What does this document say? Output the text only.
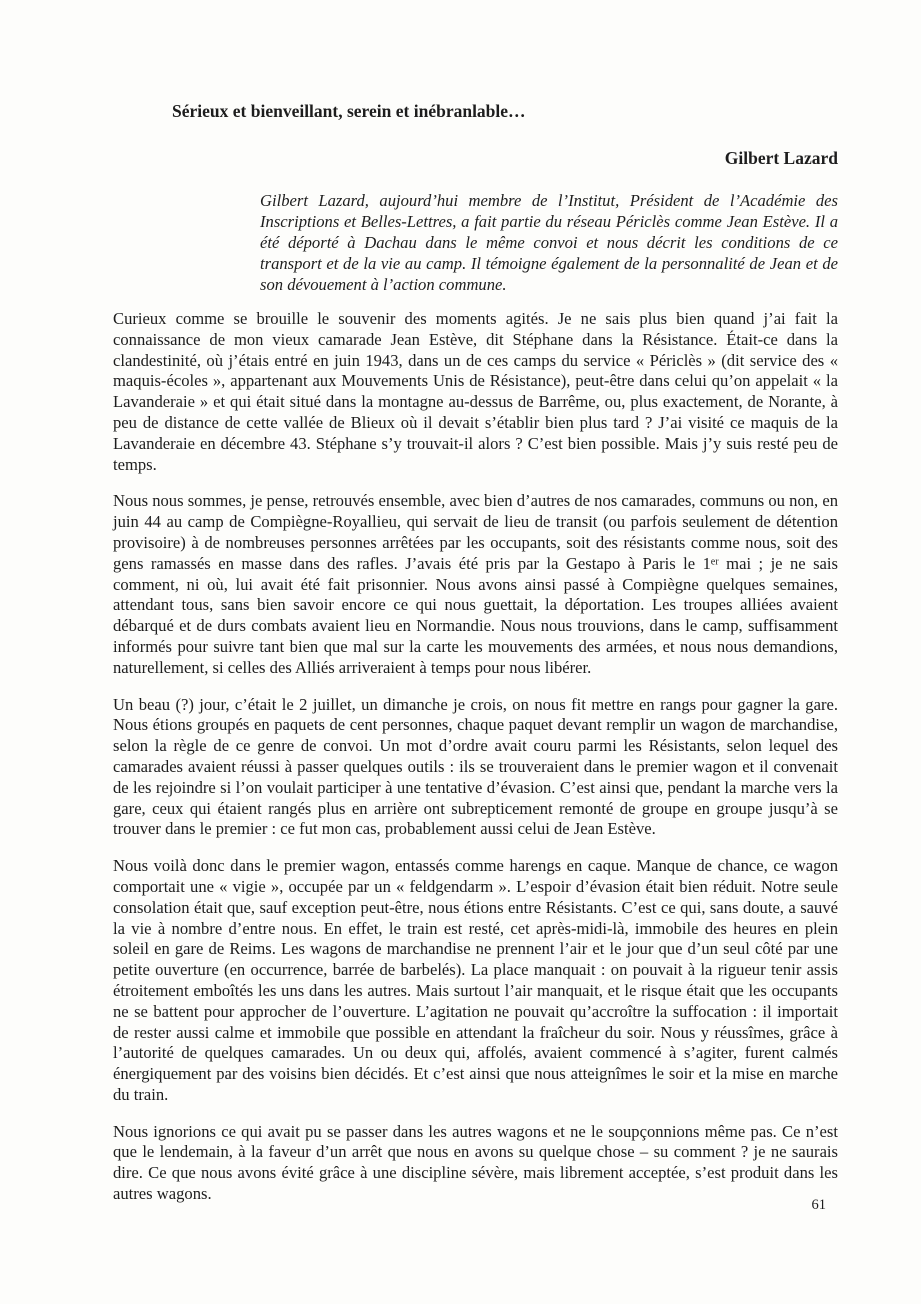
Sérieux et bienveillant, serein et inébranlable…

Gilbert Lazard

Gilbert Lazard, aujourd’hui membre de l’Institut, Président de l’Académie des Inscriptions et Belles-Lettres, a fait partie du réseau Périclès comme Jean Estève. Il a été déporté à Dachau dans le même convoi et nous décrit les conditions de ce transport et de la vie au camp. Il témoigne également de la personnalité de Jean et de son dévouement à l’action commune.

Curieux comme se brouille le souvenir des moments agités. Je ne sais plus bien quand j’ai fait la connaissance de mon vieux camarade Jean Estève, dit Stéphane dans la Résistance. Était-ce dans la clandestinité, où j’étais entré en juin 1943, dans un de ces camps du service « Périclès » (dit service des « maquis-écoles », appartenant aux Mouvements Unis de Résistance), peut-être dans celui qu’on appelait « la Lavanderaie » et qui était situé dans la montagne au-dessus de Barrême, ou, plus exactement, de Norante, à peu de distance de cette vallée de Blieux où il devait s’établir bien plus tard ? J’ai visité ce maquis de la Lavanderaie en décembre 43. Stéphane s’y trouvait-il alors ? C’est bien possible. Mais j’y suis resté peu de temps.

Nous nous sommes, je pense, retrouvés ensemble, avec bien d’autres de nos camarades, communs ou non, en juin 44 au camp de Compiègne-Royallieu, qui servait de lieu de transit (ou parfois seulement de détention provisoire) à de nombreuses personnes arrêtées par les occupants, soit des résistants comme nous, soit des gens ramassés en masse dans des rafles. J’avais été pris par la Gestapo à Paris le 1ᵉʳ mai ; je ne sais comment, ni où, lui avait été fait prisonnier. Nous avons ainsi passé à Compiègne quelques semaines, attendant tous, sans bien savoir encore ce qui nous guettait, la déportation. Les troupes alliées avaient débarqué et de durs combats avaient lieu en Normandie. Nous nous trouvions, dans le camp, suffisamment informés pour suivre tant bien que mal sur la carte les mouvements des armées, et nous nous demandions, naturellement, si celles des Alliés arriveraient à temps pour nous libérer.

Un beau (?) jour, c’était le 2 juillet, un dimanche je crois, on nous fit mettre en rangs pour gagner la gare. Nous étions groupés en paquets de cent personnes, chaque paquet devant remplir un wagon de marchandise, selon la règle de ce genre de convoi. Un mot d’ordre avait couru parmi les Résistants, selon lequel des camarades avaient réussi à passer quelques outils : ils se trouveraient dans le premier wagon et il convenait de les rejoindre si l’on voulait participer à une tentative d’évasion. C’est ainsi que, pendant la marche vers la gare, ceux qui étaient rangés plus en arrière ont subrepticement remonté de groupe en groupe jusqu’à se trouver dans le premier : ce fut mon cas, probablement aussi celui de Jean Estève.

Nous voilà donc dans le premier wagon, entassés comme harengs en caque. Manque de chance, ce wagon comportait une « vigie », occupée par un « feldgendarm ». L’espoir d’évasion était bien réduit. Notre seule consolation était que, sauf exception peut-être, nous étions entre Résistants. C’est ce qui, sans doute, a sauvé la vie à nombre d’entre nous. En effet, le train est resté, cet après-midi-là, immobile des heures en plein soleil en gare de Reims. Les wagons de marchandise ne prennent l’air et le jour que d’un seul côté par une petite ouverture (en occurrence, barrée de barbelés). La place manquait : on pouvait à la rigueur tenir assis étroitement emboîtés les uns dans les autres. Mais surtout l’air manquait, et le risque était que les occupants ne se battent pour approcher de l’ouverture. L’agitation ne pouvait qu’accroître la suffocation : il importait de rester aussi calme et immobile que possible en attendant la fraîcheur du soir. Nous y réussîmes, grâce à l’autorité de quelques camarades. Un ou deux qui, affolés, avaient commencé à s’agiter, furent calmés énergiquement par des voisins bien décidés. Et c’est ainsi que nous atteignîmes le soir et la mise en marche du train.

Nous ignorions ce qui avait pu se passer dans les autres wagons et ne le soupçonnions même pas. Ce n’est que le lendemain, à la faveur d’un arrêt que nous en avons su quelque chose – su comment ? je ne saurais dire. Ce que nous avons évité grâce à une discipline sévère, mais librement acceptée, s’est produit dans les autres wagons.

61
